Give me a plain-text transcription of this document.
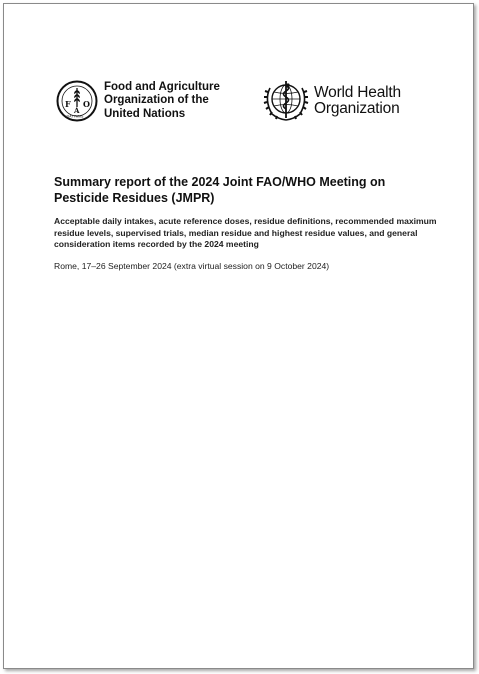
F O
A
FIAT PANIS
Food and Agriculture
Organization of the
United Nations
World Health
Organization
Summary report of the 2024 Joint FAO/WHO Meeting on Pesticide Residues (JMPR)

Acceptable daily intakes, acute reference doses, residue definitions, recommended maximum residue levels, supervised trials, median residue and highest residue values, and general consideration items recorded by the 2024 meeting

Rome, 17–26 September 2024 (extra virtual session on 9 October 2024)
